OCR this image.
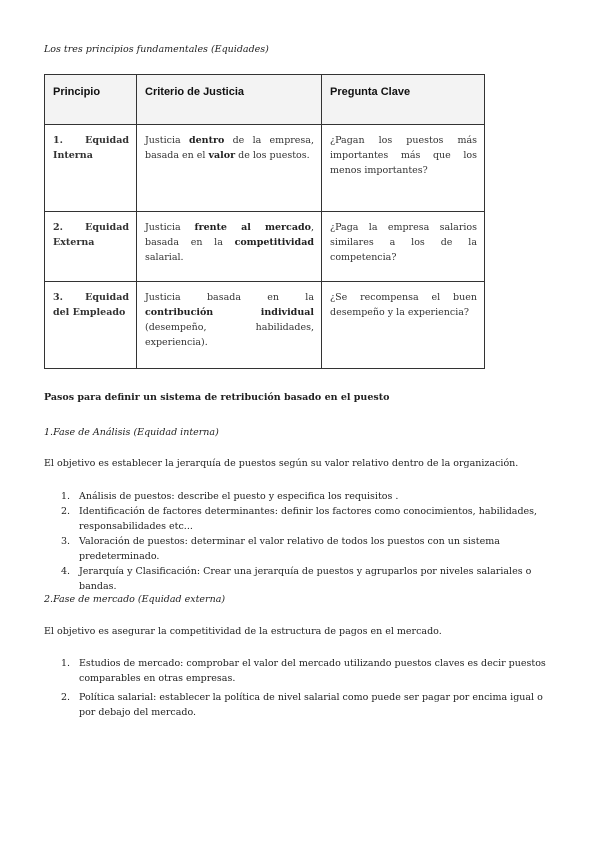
Los tres principios fundamentales (Equidades)
Principio	Criterio de Justicia	Pregunta Clave

1. Equidad Interna	Justicia dentro de la empresa, basada en el valor de los puestos.	¿Pagan los puestos más importantes más que los menos importantes?
2. Equidad Externa	Justicia frente al mercado, basada en la competitividad salarial.	¿Paga la empresa salarios similares a los de la competencia?
3. Equidad del Empleado	Justicia basada en la contribución individual (desempeño, habilidades, experiencia).	¿Se recompensa el buen desempeño y la experiencia?
Pasos para definir un sistema de retribución basado en el puesto
1.Fase de Análisis (Equidad interna)
El objetivo es establecer la jerarquía de puestos según su valor relativo dentro de la organización.
1. Análisis de puestos: describe el puesto y especifica los requisitos .
2. Identificación de factores determinantes: definir los factores como conocimientos, habilidades, responsabilidades etc...
3. Valoración de puestos: determinar el valor relativo de todos los puestos con un sistema predeterminado.
4. Jerarquía y Clasificación: Crear una jerarquía de puestos y agruparlos por niveles salariales o bandas.
2.Fase de mercado (Equidad externa)
El objetivo es asegurar la competitividad de la estructura de pagos en el mercado.
1. Estudios de mercado: comprobar el valor del mercado utilizando puestos claves es decir puestos comparables en otras empresas.
2. Política salarial: establecer la política de nivel salarial como puede ser pagar por encima igual o por debajo del mercado.
